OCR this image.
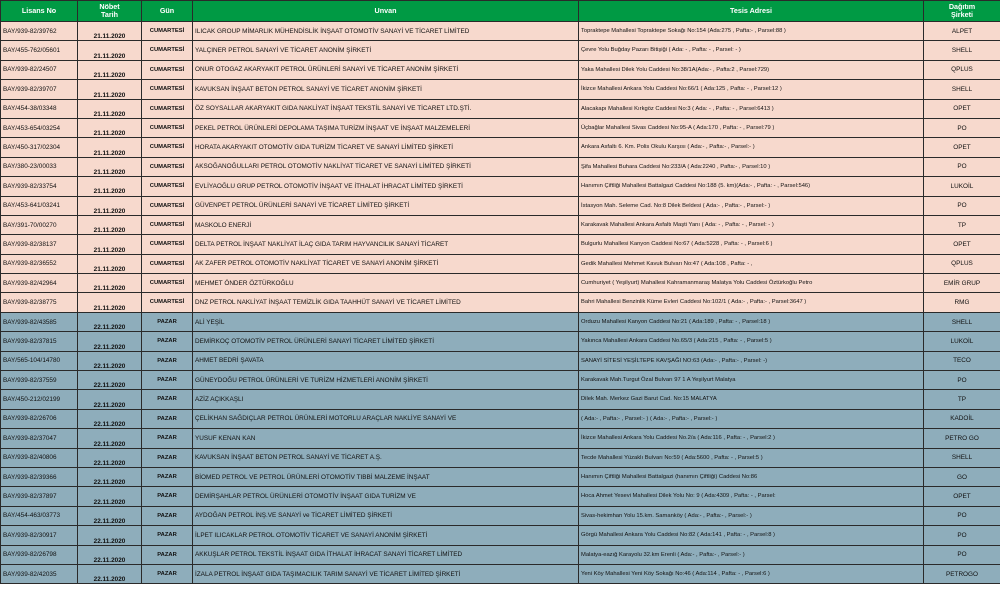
Lisans No	Nöbet
Tarih	Gün	Unvan	Tesis Adresi	Dağıtım
Şirketi
BAY/939-82/39762	21.11.2020	CUMARTESİ	ILICAK GROUP MİMARLIK MÜHENDİSLİK İNŞAAT OTOMOTİV SANAYİ VE TİCARET LİMİTED	Topraktepe Mahallesi Topraktepe Sokağı No:154 (Ada:275 , Pafta:- , Parsel:88 )	ALPET
BAY/455-762/05601	21.11.2020	CUMARTESİ	YALÇINER PETROL SANAYİ VE TİCARET ANONİM ŞİRKETİ	Çevre Yolu Buğday Pazarı Bitişiği ( Ada: - , Pafta: - , Parsel: - )	SHELL
BAY/939-82/24507	21.11.2020	CUMARTESİ	ONUR OTOGAZ AKARYAKIT PETROL ÜRÜNLERİ SANAYİ VE TİCARET ANONİM ŞİRKETİ	Yaka Mahallesi Dilek Yolu Caddesi No:38/1A(Ada:- , Pafta:2 , Parsel:729)	QPLUS
BAY/939-82/39707	21.11.2020	CUMARTESİ	KAVUKSAN İNŞAAT BETON PETROL SANAYİ VE TİCARET ANONİM ŞİRKETİ	İkizce Mahallesi Ankara Yolu Caddesi No:66/1 ( Ada:125 , Pafta: - , Parsel:12 )	SHELL
BAY/454-38/03348	21.11.2020	CUMARTESİ	ÖZ SOYSALLAR AKARYAKIT GIDA NAKLİYAT İNŞAAT TEKSTİL SANAYİ VE TİCARET LTD.ŞTİ.	Alacakapı Mahallesi Kırkgöz Caddesi No:3 ( Ada: - , Pafta: - , Parsel:6413 )	OPET
BAY/453-654/03254	21.11.2020	CUMARTESİ	PEKEL PETROL ÜRÜNLERİ DEPOLAMA TAŞIMA TURİZM İNŞAAT VE İNŞAAT MALZEMELERİ	Üçbağlar Mahallesi Sivas Caddesi No:95-A ( Ada:170 , Pafta: - , Parsel:79 )	PO
BAY/450-317/02304	21.11.2020	CUMARTESİ	HORATA AKARYAKIT OTOMOTİV GIDA TURİZM TİCARET VE SANAYİ LİMİTED ŞİRKETİ	Ankara Asfaltı 6. Km. Polis Okulu Karşısı ( Ada:- , Pafta:- , Parsel:- )	OPET
BAY/380-23/00033	21.11.2020	CUMARTESİ	AKSOĞANOĞULLARI PETROL OTOMOTİV NAKLİYAT TİCARET VE SANAYİ LİMİTED ŞİRKETİ	Şifa Mahallesi Buhara Caddesi No:233/A ( Ada:2240 , Pafta:- , Parsel:10 )	PO
BAY/939-82/33754	21.11.2020	CUMARTESİ	EVLİYAOĞLU GRUP PETROL OTOMOTİV İNŞAAT VE İTHALAT İHRACAT LİMİTED ŞİRKETİ	Hanımın Çiftliği Mahallesi Battalgazi Caddesi No:188 (5. km)(Ada:- , Pafta: - , Parsel:546)	LUKOİL
BAY/453-641/03241	21.11.2020	CUMARTESİ	GÜVENPET PETROL ÜRÜNLERİ SANAYİ VE TİCARET LİMİTED ŞİRKETİ	İstasyon Mah. Seleme Cad. No:8 Dilek Beldesi ( Ada:- , Pafta:- , Parsel:- )	PO
BAY/391-70/00270	21.11.2020	CUMARTESİ	MASKOLO ENERJİ	Karakavak Mahallesi Ankara Asfaltı Maşti Yanı ( Ada: - , Pafta: - , Parsel: - )	TP
BAY/939-82/38137	21.11.2020	CUMARTESİ	DELTA PETROL İNŞAAT NAKLİYAT İLAÇ GIDA TARIM HAYVANCILIK SANAYİ TİCARET	Bulgurlu Mahallesi Kanyon Caddesi No:67 ( Ada:5228 , Pafta: - , Parsel:6 )	OPET
BAY/939-82/36552	21.11.2020	CUMARTESİ	AK ZAFER PETROL OTOMOTİV NAKLİYAT TİCARET VE SANAYİ ANONİM ŞİRKETİ	Gedik Mahallesi Mehmet Kavuk Bulvarı No:47 ( Ada:108 , Pafta: - ,	QPLUS
BAY/939-82/42964	21.11.2020	CUMARTESİ	MEHMET ÖNDER ÖZTÜRKOĞLU	Cumhuriyet ( Yeşilyurt) Mahallesi Kahramanmaraş Malatya Yolu Caddesi Öztürkoğlu Petro	EMİR GRUP
BAY/939-82/38775	21.11.2020	CUMARTESİ	DNZ PETROL NAKLİYAT İNŞAAT TEMİZLİK GIDA TAAHHÜT SANAYİ VE TİCARET LİMİTED	Bahri Mahallesi Benzinlik Küme Evleri Caddesi No:102/1 ( Ada:- , Pafta:- , Parsel:3647 )	RMG
BAY/939-82/43585	22.11.2020	PAZAR	ALİ YEŞİL	Orduzu Mahallesi Kanyon Caddesi No:21 ( Ada:189 , Pafta: - , Parsel:18 )	SHELL
BAY/939-82/37815	22.11.2020	PAZAR	DEMİRKOÇ OTOMOTİV PETROL ÜRÜNLERİ SANAYİ TİCARET LİMİTED ŞİRKETİ	Yakınca Mahallesi Ankara Caddesi No.65/3 ( Ada:215 , Pafta: - , Parsel:5 )	LUKOİL
BAY/565-104/14780	22.11.2020	PAZAR	AHMET BEDRİ ŞAVATA	SANAYİ SİTESİ YEŞİLTEPE KAVŞAĞI NO:63 (Ada:- , Pafta:- , Parsel: -)	TECO
BAY/939-82/37559	22.11.2020	PAZAR	GÜNEYDOĞU PETROL ÜRÜNLERİ VE TURİZM HİZMETLERİ ANONİM ŞİRKETİ	Karakavak Mah.Turgut Özal Bulvarı 97 1 A Yeşilyurt Malatya	PO
BAY/450-212/02199	22.11.2020	PAZAR	AZİZ AÇIKKAŞLI	Dilek Mah. Merkez Gazi Barut Cad. No:15 MALATYA	TP
BAY/939-82/26706	22.11.2020	PAZAR	ÇELİKHAN SAĞDIÇLAR PETROL ÜRÜNLERİ MOTORLU ARAÇLAR NAKLİYE SANAYİ VE	( Ada:- , Pafta:- , Parsel:- ) ( Ada:- , Pafta:- , Parsel:- )	KADOİL
BAY/939-82/37047	22.11.2020	PAZAR	YUSUF KENAN KAN	İkizce Mahallesi Ankara Yolu Caddesi No.2/a ( Ada:116 , Pafta: - , Parsel:2 )	PETRO GO
BAY/939-82/40806	22.11.2020	PAZAR	KAVUKSAN İNŞAAT BETON PETROL SANAYİ VE TİCARET A.Ş.	Tecde Mahallesi Yüzaklı Bulvarı No:59 ( Ada:5600 , Pafta: - , Parsel:5 )	SHELL
BAY/939-82/39366	22.11.2020	PAZAR	BİOMED PETROL VE PETROL ÜRÜNLERİ OTOMOTİV TIBBİ MALZEME İNŞAAT	Hanımın Çiftliği Mahallesi Battalgazi (hanımın Çiftliği) Caddesi No:86	GO
BAY/939-82/37897	22.11.2020	PAZAR	DEMİRŞAHLAR PETROL ÜRÜNLERİ OTOMOTİV İNŞAAT GIDA TURİZM VE	Hoca Ahmet Yesevi Mahallesi Dilek Yolu No: 9 ( Ada:4309 , Pafta: - , Parsel:	OPET
BAY/454-463/03773	22.11.2020	PAZAR	AYDOĞAN PETROL İNŞ.VE SANAYİ ve TİCARET LİMİTED ŞİRKETİ	Sivas-hekimhan Yolu 15.km. Samanköy ( Ada:- , Pafta:- , Parsel:- )	PO
BAY/939-82/30917	22.11.2020	PAZAR	İLPET ILICAKLAR PETROL OTOMOTİV TİCARET VE SANAYİ ANONİM ŞİRKETİ	Görgü Mahallesi Ankara Yolu Caddesi No:82 ( Ada:141 , Pafta: - , Parsel:8 )	PO
BAY/939-82/26798	22.11.2020	PAZAR	AKKUŞLAR PETROL TEKSTİL İNŞAAT GIDA İTHALAT İHRACAT SANAYİ TİCARET LİMİTED	Malatya-eazığ Karayolu 32.km Erenli ( Ada:- , Pafta:- , Parsel:- )	PO
BAY/939-82/42035	22.11.2020	PAZAR	İZALA PETROL İNŞAAT GIDA TAŞIMACILIK TARIM SANAYİ VE TİCARET LİMİTED ŞİRKETİ	Yeni Köy Mahallesi Yeni Köy Sokağı No:46 ( Ada:114 , Pafta: - , Parsel:6 )	PETROGO
